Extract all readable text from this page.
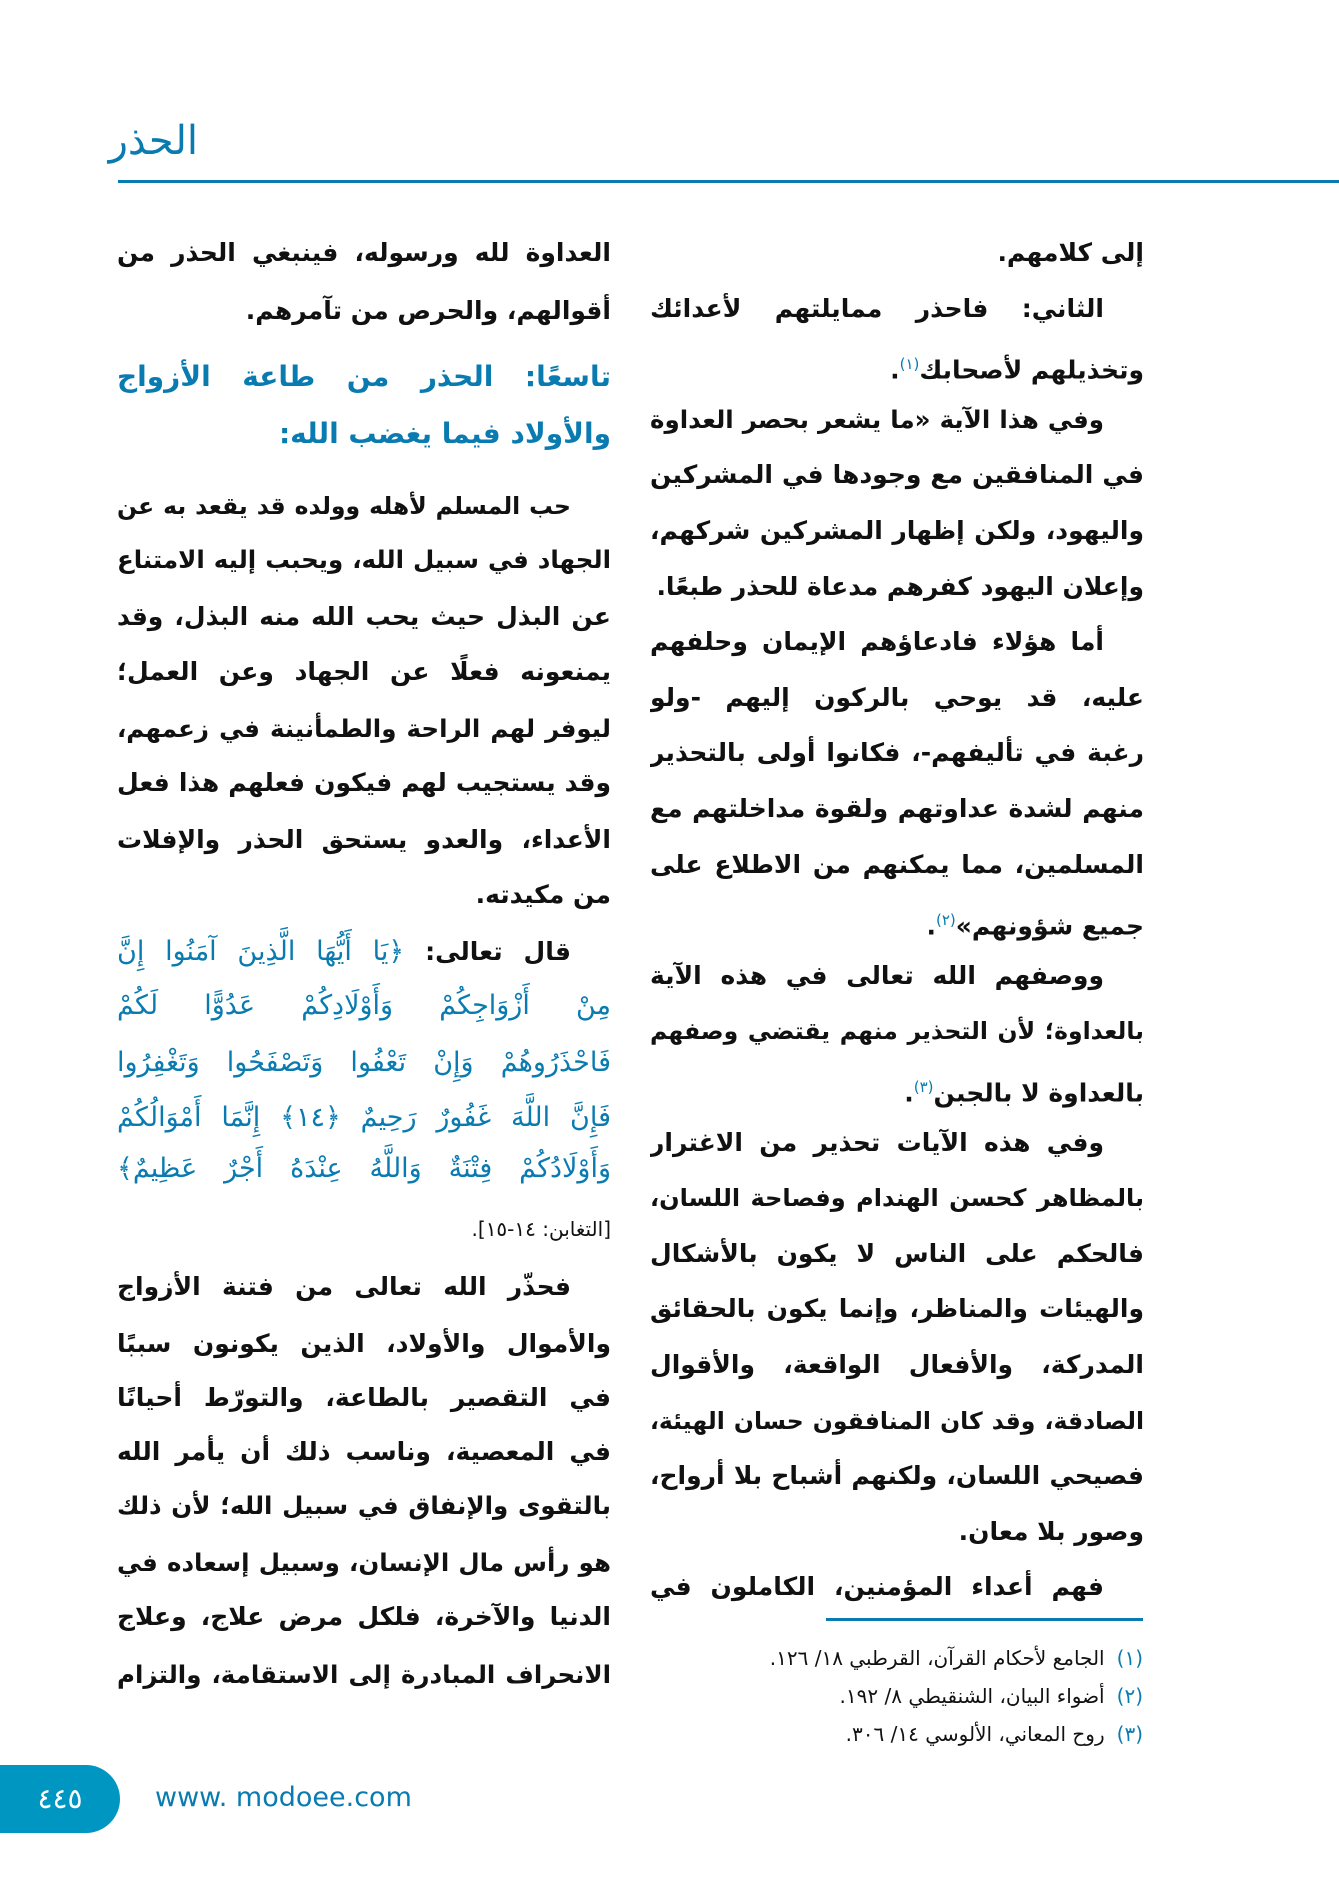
الحذر
إلى كلامهم.
الثاني: فاحذر ممايلتهم لأعدائك
وتخذيلهم لأصحابك$^{(١)}$.
وفي هذا الآية «ما يشعر بحصر العداوة
في المنافقين مع وجودها في المشركين
واليهود، ولكن إظهار المشركين شركهم،
وإعلان اليهود كفرهم مدعاة للحذر طبعًا.
أما هؤلاء فادعاؤهم الإيمان وحلفهم
عليه، قد يوحي بالركون إليهم -ولو
رغبة في تأليفهم-، فكانوا أولى بالتحذير
منهم لشدة عداوتهم ولقوة مداخلتهم مع
المسلمين، مما يمكنهم من الاطلاع على
جميع شؤونهم»$^{(٢)}$.
ووصفهم الله تعالى في هذه الآية
بالعداوة؛ لأن التحذير منهم يقتضي وصفهم
بالعداوة لا بالجبن$^{(٣)}$.
وفي هذه الآيات تحذير من الاغترار
بالمظاهر كحسن الهندام وفصاحة اللسان،
فالحكم على الناس لا يكون بالأشكال
والهيئات والمناظر، وإنما يكون بالحقائق
المدركة، والأفعال الواقعة، والأقوال
الصادقة، وقد كان المنافقون حسان الهيئة،
فصيحي اللسان، ولكنهم أشباح بلا أرواح،
وصور بلا معان.
فهم أعداء المؤمنين، الكاملون في
العداوة لله ورسوله، فينبغي الحذر من
أقوالهم، والحرص من تآمرهم.
تاسعًا: الحذر من طاعة الأزواج
والأولاد فيما يغضب الله:
حب المسلم لأهله وولده قد يقعد به عن
الجهاد في سبيل الله، ويحبب إليه الامتناع
عن البذل حيث يحب الله منه البذل، وقد
يمنعونه فعلًا عن الجهاد وعن العمل؛
ليوفر لهم الراحة والطمأنينة في زعمهم،
وقد يستجيب لهم فيكون فعلهم هذا فعل
الأعداء، والعدو يستحق الحذر والإفلات
من مكيدته.
قال تعالى: ﴿يَا أَيُّهَا الَّذِينَ آمَنُوا إِنَّ
مِنْ أَزْوَاجِكُمْ وَأَوْلَادِكُمْ عَدُوًّا لَكُمْ
فَاحْذَرُوهُمْ وَإِنْ تَعْفُوا وَتَصْفَحُوا وَتَغْفِرُوا
فَإِنَّ اللَّهَ غَفُورٌ رَحِيمٌ ﴿١٤﴾ إِنَّمَا أَمْوَالُكُمْ
وَأَوْلَادُكُمْ فِتْنَةٌ وَاللَّهُ عِنْدَهُ أَجْرٌ عَظِيمٌ﴾
[التغابن: ١٤-١٥].
فحذّر الله تعالى من فتنة الأزواج
والأموال والأولاد، الذين يكونون سببًا
في التقصير بالطاعة، والتورّط أحيانًا
في المعصية، وناسب ذلك أن يأمر الله
بالتقوى والإنفاق في سبيل الله؛ لأن ذلك
هو رأس مال الإنسان، وسبيل إسعاده في
الدنيا والآخرة، فلكل مرض علاج، وعلاج
الانحراف المبادرة إلى الاستقامة، والتزام
(١)الجامع لأحكام القرآن، القرطبي ١٨/ ١٢٦.
(٢)أضواء البيان، الشنقيطي ٨/ ١٩٢.
(٣)روح المعاني، الألوسي ١٤/ ٣٠٦.
٤٤٥	www. modoee.com
